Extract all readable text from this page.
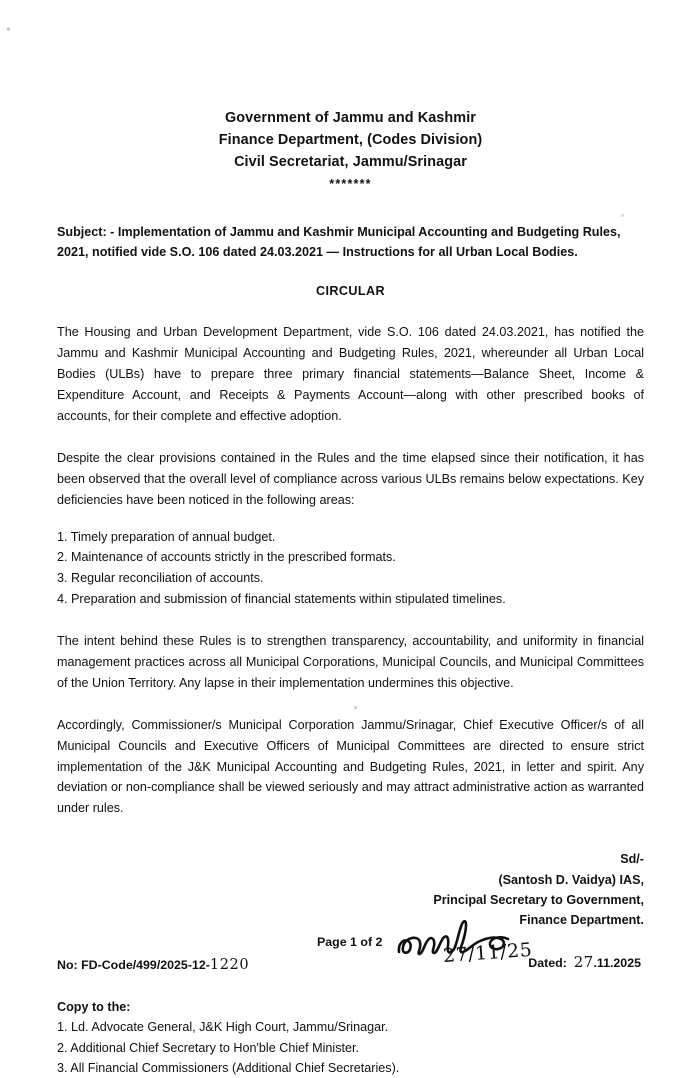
Government of Jammu and Kashmir
Finance Department, (Codes Division)
Civil Secretariat, Jammu/Srinagar
*******
Subject: - Implementation of Jammu and Kashmir Municipal Accounting and Budgeting Rules, 2021, notified vide S.O. 106 dated 24.03.2021 — Instructions for all Urban Local Bodies.
CIRCULAR

The Housing and Urban Development Department, vide S.O. 106 dated 24.03.2021, has notified the Jammu and Kashmir Municipal Accounting and Budgeting Rules, 2021, whereunder all Urban Local Bodies (ULBs) have to prepare three primary financial statements—Balance Sheet, Income & Expenditure Account, and Receipts & Payments Account—along with other prescribed books of accounts, for their complete and effective adoption.

Despite the clear provisions contained in the Rules and the time elapsed since their notification, it has been observed that the overall level of compliance across various ULBs remains below expectations. Key deficiencies have been noticed in the following areas:

1. Timely preparation of annual budget.
2. Maintenance of accounts strictly in the prescribed formats.
3. Regular reconciliation of accounts.
4. Preparation and submission of financial statements within stipulated timelines.

The intent behind these Rules is to strengthen transparency, accountability, and uniformity in financial management practices across all Municipal Corporations, Municipal Councils, and Municipal Committees of the Union Territory. Any lapse in their implementation undermines this objective.

Accordingly, Commissioner/s Municipal Corporation Jammu/Srinagar, Chief Executive Officer/s of all Municipal Councils and Executive Officers of Municipal Committees are directed to ensure strict implementation of the J&K Municipal Accounting and Budgeting Rules, 2021, in letter and spirit. Any deviation or non-compliance shall be viewed seriously and may attract administrative action as warranted under rules.

Sd/-
(Santosh D. Vaidya) IAS,
Principal Secretary to Government,
Finance Department.
No: FD-Code/499/2025-12-1220	Dated: 27.11.2025
Copy to the:
1. Ld. Advocate General, J&K High Court, Jammu/Srinagar.
2. Additional Chief Secretary to Hon'ble Chief Minister.
3. All Financial Commissioners (Additional Chief Secretaries).
Page 1 of 2	27/11/25
